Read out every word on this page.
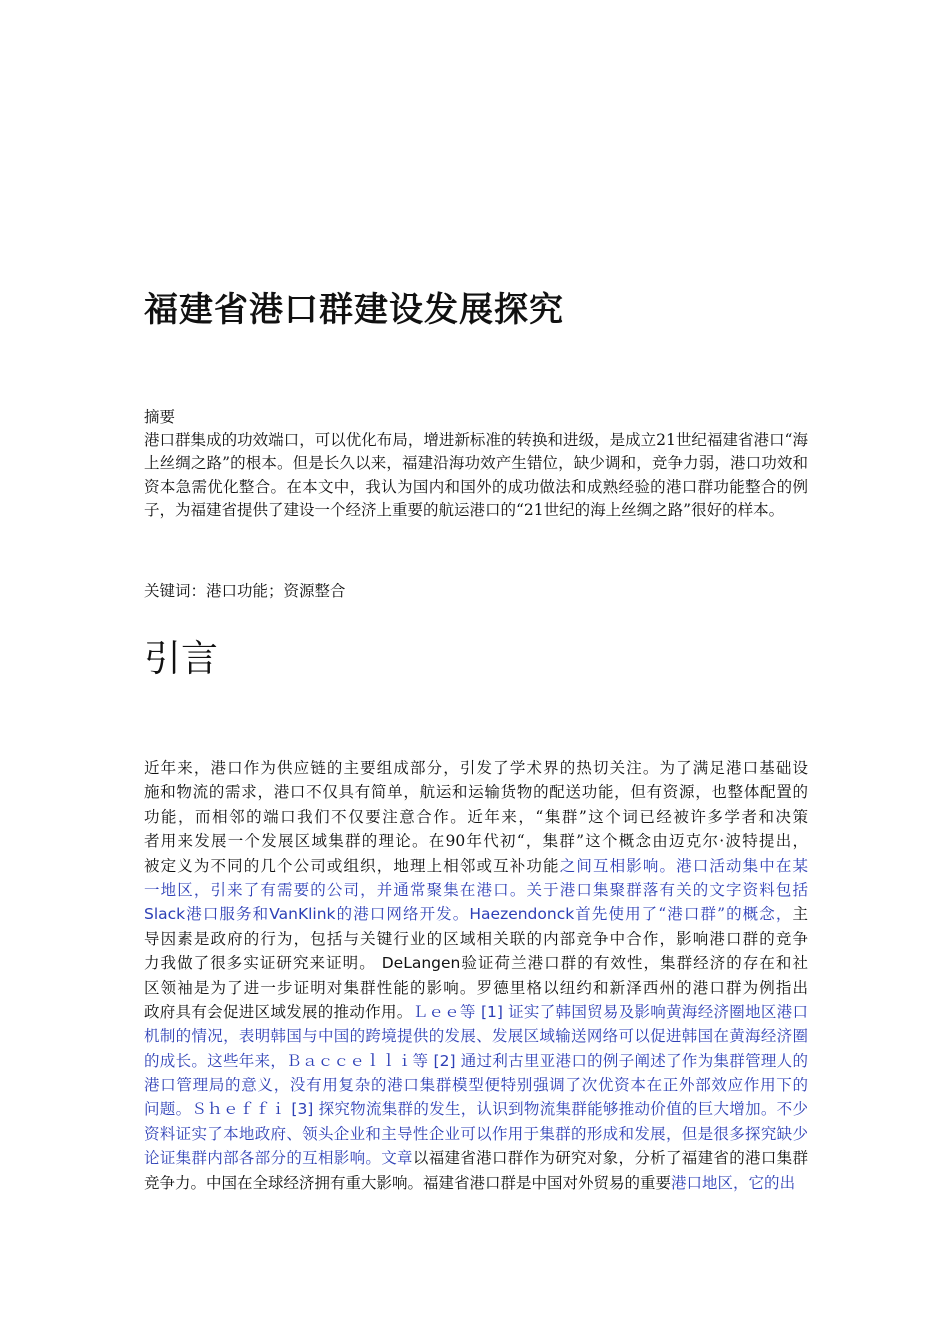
福建省港口群建设发展探究

摘要

港口群集成的功效端口，可以优化布局，增进新标准的转换和进级，是成立21世纪福建省港口“海上丝绸之路”的根本。但是长久以来，福建沿海功效产生错位，缺少调和，竞争力弱，港口功效和资本急需优化整合。在本文中，我认为国内和国外的成功做法和成熟经验的港口群功能整合的例子，为福建省提供了建设一个经济上重要的航运港口的“21世纪的海上丝绸之路”很好的样本。

关键词：港口功能；资源整合

引言
近年来，港口作为供应链的主要组成部分，引发了学术界的热切关注。为了满足港口基础设
施和物流的需求，港口不仅具有简单，航运和运输货物的配送功能，但有资源，也整体配置的
功能，而相邻的端口我们不仅要注意合作。近年来，“集群”这个词已经被许多学者和决策
者用来发展一个发展区域集群的理论。在90年代初“，集群”这个概念由迈克尔·波特提出，
被定义为不同的几个公司或组织，地理上相邻或互补功能之间互相影响。港口活动集中在某
一地区，引来了有需要的公司，并通常聚集在港口。关于港口集聚群落有关的文字资料包括
Slack港口服务和VanKlink的港口网络开发。Haezendonck首先使用了“港口群”的概念，主
导因素是政府的行为，包括与关键行业的区域相关联的内部竞争中合作，影响港口群的竞争
力我做了很多实证研究来证明。 DeLangen验证荷兰港口群的有效性，集群经济的存在和社
区领袖是为了进一步证明对集群性能的影响。罗德里格以纽约和新泽西州的港口群为例指出
政府具有会促进区域发展的推动作用。Ｌｅｅ等 [1] 证实了韩国贸易及影响黄海经济圈地区港口
机制的情况，表明韩国与中国的跨境提供的发展、发展区域输送网络可以促进韩国在黄海经济圈
的成长。这些年来，Ｂａｃｃｅｌｌｉ等 [2] 通过利古里亚港口的例子阐述了作为集群管理人的
港口管理局的意义，没有用复杂的港口集群模型便特别强调了次优资本在正外部效应作用下的
问题。Ｓｈｅｆｆｉ [3] 探究物流集群的发生，认识到物流集群能够推动价值的巨大增加。不少
资料证实了本地政府、领头企业和主导性企业可以作用于集群的形成和发展，但是很多探究缺少
论证集群内部各部分的互相影响。文章以福建省港口群作为研究对象，分析了福建省的港口集群
竞争力。中国在全球经济拥有重大影响。福建省港口群是中国对外贸易的重要港口地区，它的出
